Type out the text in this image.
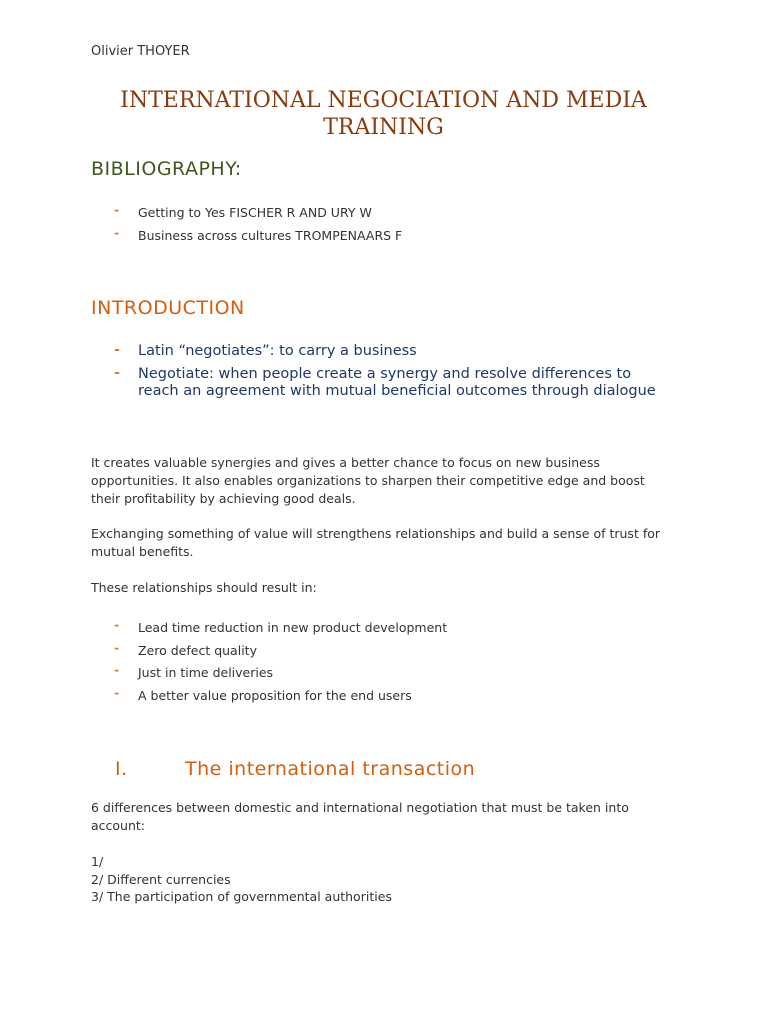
Olivier THOYER
INTERNATIONAL NEGOCIATION AND MEDIA TRAINING
BIBLIOGRAPHY:
- Getting to Yes FISCHER R AND URY W
- Business across cultures TROMPENAARS F
INTRODUCTION
- Latin “negotiates”: to carry a business
- Negotiate: when people create a synergy and resolve differences to reach an agreement with mutual beneficial outcomes through dialogue

It creates valuable synergies and gives a better chance to focus on new business opportunities. It also enables organizations to sharpen their competitive edge and boost their profitability by achieving good deals.

Exchanging something of value will strengthens relationships and build a sense of trust for mutual benefits.

These relationships should result in:

- Lead time reduction in new product development
- Zero defect quality
- Just in time deliveries
- A better value proposition for the end users
I.	The international transaction

6 differences between domestic and international negotiation that must be taken into account:

1/
2/ Different currencies
3/ The participation of governmental authorities
